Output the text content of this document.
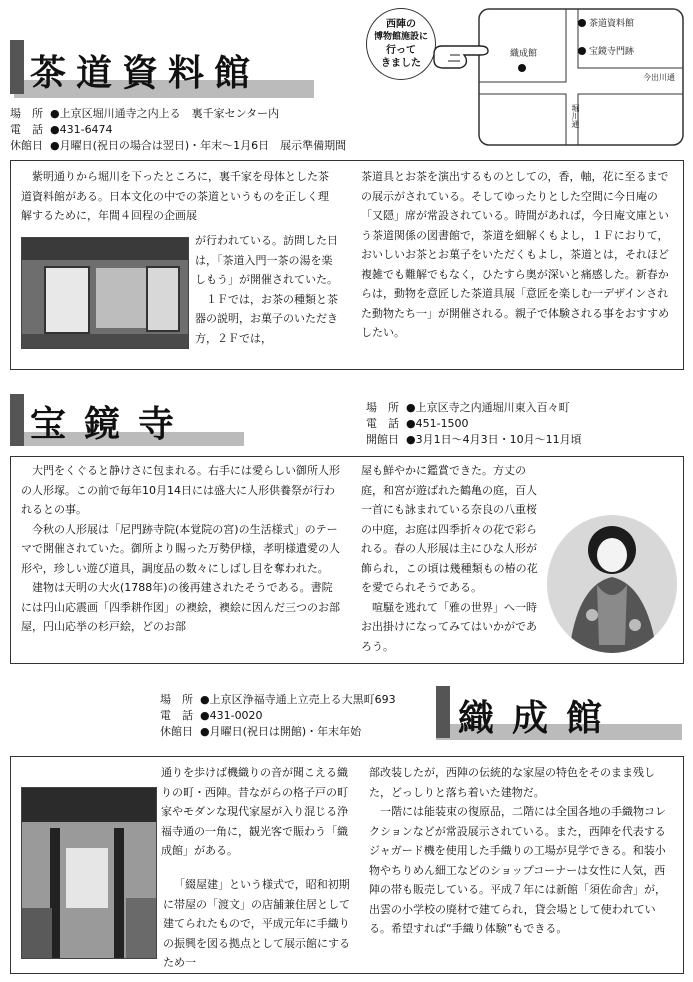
茶道資料館
宝鏡寺門跡
織成館
今出川通
堀川通
西陣の
博物館施設に
行って
きました
茶道資料館
場　所 ●上京区堀川通寺之内上る　裏千家センター内
電　話 ●431-6474
休館日 ●月曜日(祝日の場合は翌日)・年末〜1月6日　展示準備期間

紫明通りから堀川を下ったところに，裏千家を母体とした茶道資料館がある。日本文化の中での茶道というものを正しく理解するために，年間４回程の企画展

が行われている。訪問した日は，「茶道入門一茶の湯を楽しもう」が開催されていた。

１Ｆでは，お茶の種類と茶器の説明，お菓子のいただき方，２Ｆでは，

茶道具とお茶を演出するものとしての，香，軸，花に至るまでの展示がされている。そしてゆったりとした空間に今日庵の「又隠」席が常設されている。時間があれば，今日庵文庫という茶道関係の図書館で，茶道を細解くもよし，１Ｆにおりて，おいしいお茶とお菓子をいただくもよし，茶道とは，それほど複雑でも難解でもなく，ひたすら奥が深いと痛感した。新春からは，動物を意匠した茶道具展「意匠を楽しむ一デザインされた動物たち一」が開催される。親子で体験される事をおすすめしたい。

宝鏡寺	場　所 ●上京区寺之内通堀川東入百々町
電　話 ●451-1500
開館日 ●3月1日〜4月3日・10月〜11月頃

大門をくぐると静けさに包まれる。右手には愛らしい御所人形の人形塚。この前で毎年10月14日には盛大に人形供養祭が行われるとの事。

今秋の人形展は「尼門跡寺院(本覚院の宮)の生活様式」のテーマで開催されていた。御所より賜った万勢伊様，孝明様遺愛の人形や，珍しい遊び道具，調度品の数々にしばし目を奪われた。

建物は天明の大火(1788年)の後再建されたそうである。書院には円山応震画「四季耕作図」の襖絵，襖絵に因んだ三つのお部屋，円山応挙の杉戸絵，どのお部

屋も鮮やかに鑑賞できた。方丈の庭，和宮が遊ばれた鶴亀の庭，百人一首にも詠まれている奈良の八重桜の中庭，お庭は四季折々の花で彩られる。春の人形展は主にひな人形が飾られ，この頃は幾種類もの椿の花を愛でられそうである。

喧騒を逃れて「雅の世界」へ一時お出掛けになってみてはいかがであろう。

場　所 ●上京区浄福寺通上立売上る大黒町693
電　話 ●431-0020
休館日 ●月曜日(祝日は開館)・年末年始	織成館

通りを歩けば機織りの音が聞こえる織りの町・西陣。昔ながらの格子戸の町家やモダンな現代家屋が入り混じる浄福寺通の一角に，観光客で賑わう「織成館」がある。

「綴屋建」という様式で，昭和初期に帯屋の「渡文」の店舗兼住居として建てられたもので，平成元年に手織りの振興を図る拠点として展示館にするため一

部改装したが，西陣の伝統的な家屋の特色をそのまま残した，どっしりと落ち着いた建物だ。

一階には能装束の復原品，二階には全国各地の手織物コレクションなどが常設展示されている。また，西陣を代表するジャガード機を使用した手織りの工場が見学できる。和装小物やちりめん細工などのショップコーナーは女性に人気，西陣の帯も販売している。平成７年には新館「須佐命舎」が，出雲の小学校の廃材で建てられ，貸会場として使われている。希望すれば“手織り体験”もできる。
